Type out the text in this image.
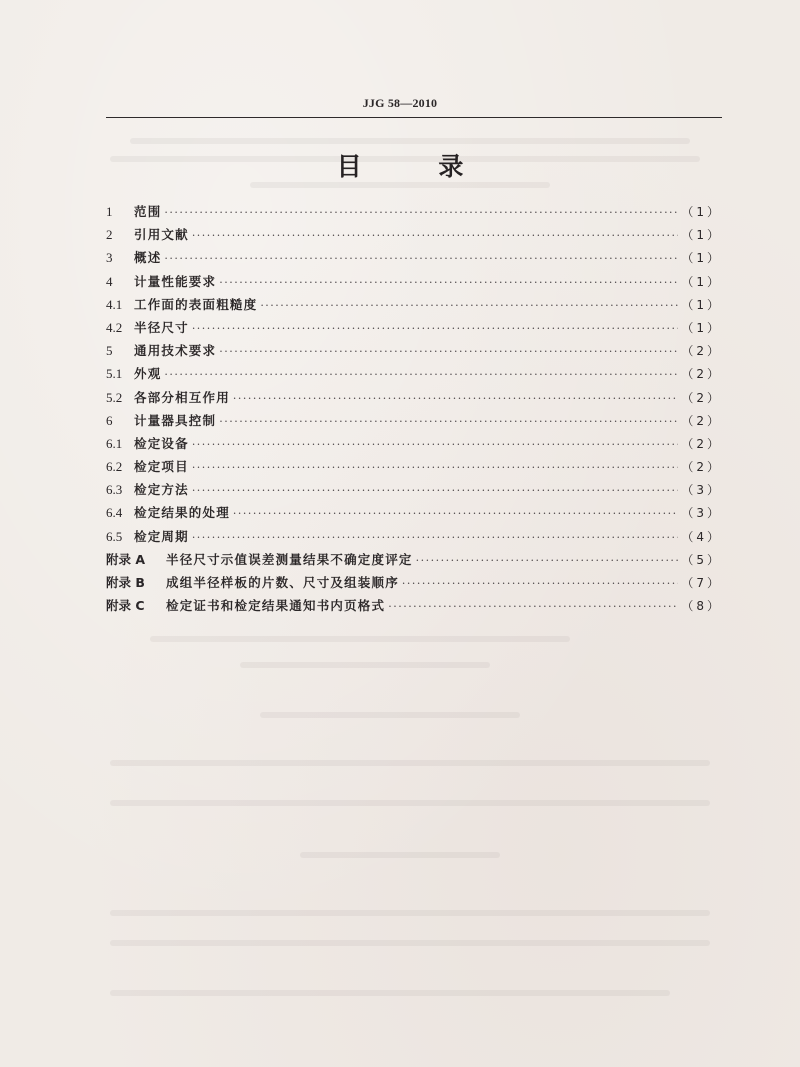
JJG 58—2010
目 录
1	范围 ·····	（1）
2	引用文献 ·····	（1）
3	概述 ·····	（1）
4	计量性能要求 ·····	（1）
4.1 工作面的表面粗糙度 ·····	（1）
4.2 半径尺寸 ·····	（1）
5	通用技术要求 ·····	（2）
5.1 外观 ·····	（2）
5.2 各部分相互作用 ·····	（2）
6	计量器具控制 ·····	（2）
6.1 检定设备 ·····	（2）
6.2 检定项目 ·····	（2）
6.3 检定方法 ·····	（3）
6.4 检定结果的处理 ·····	（3）
6.5 检定周期 ·····	（4）
附录 A	半径尺寸示值误差测量结果不确定度评定 ·····	（5）
附录 B	成组半径样板的片数、尺寸及组装顺序 ·····	（7）
附录 C	检定证书和检定结果通知书内页格式 ·····	（8）
